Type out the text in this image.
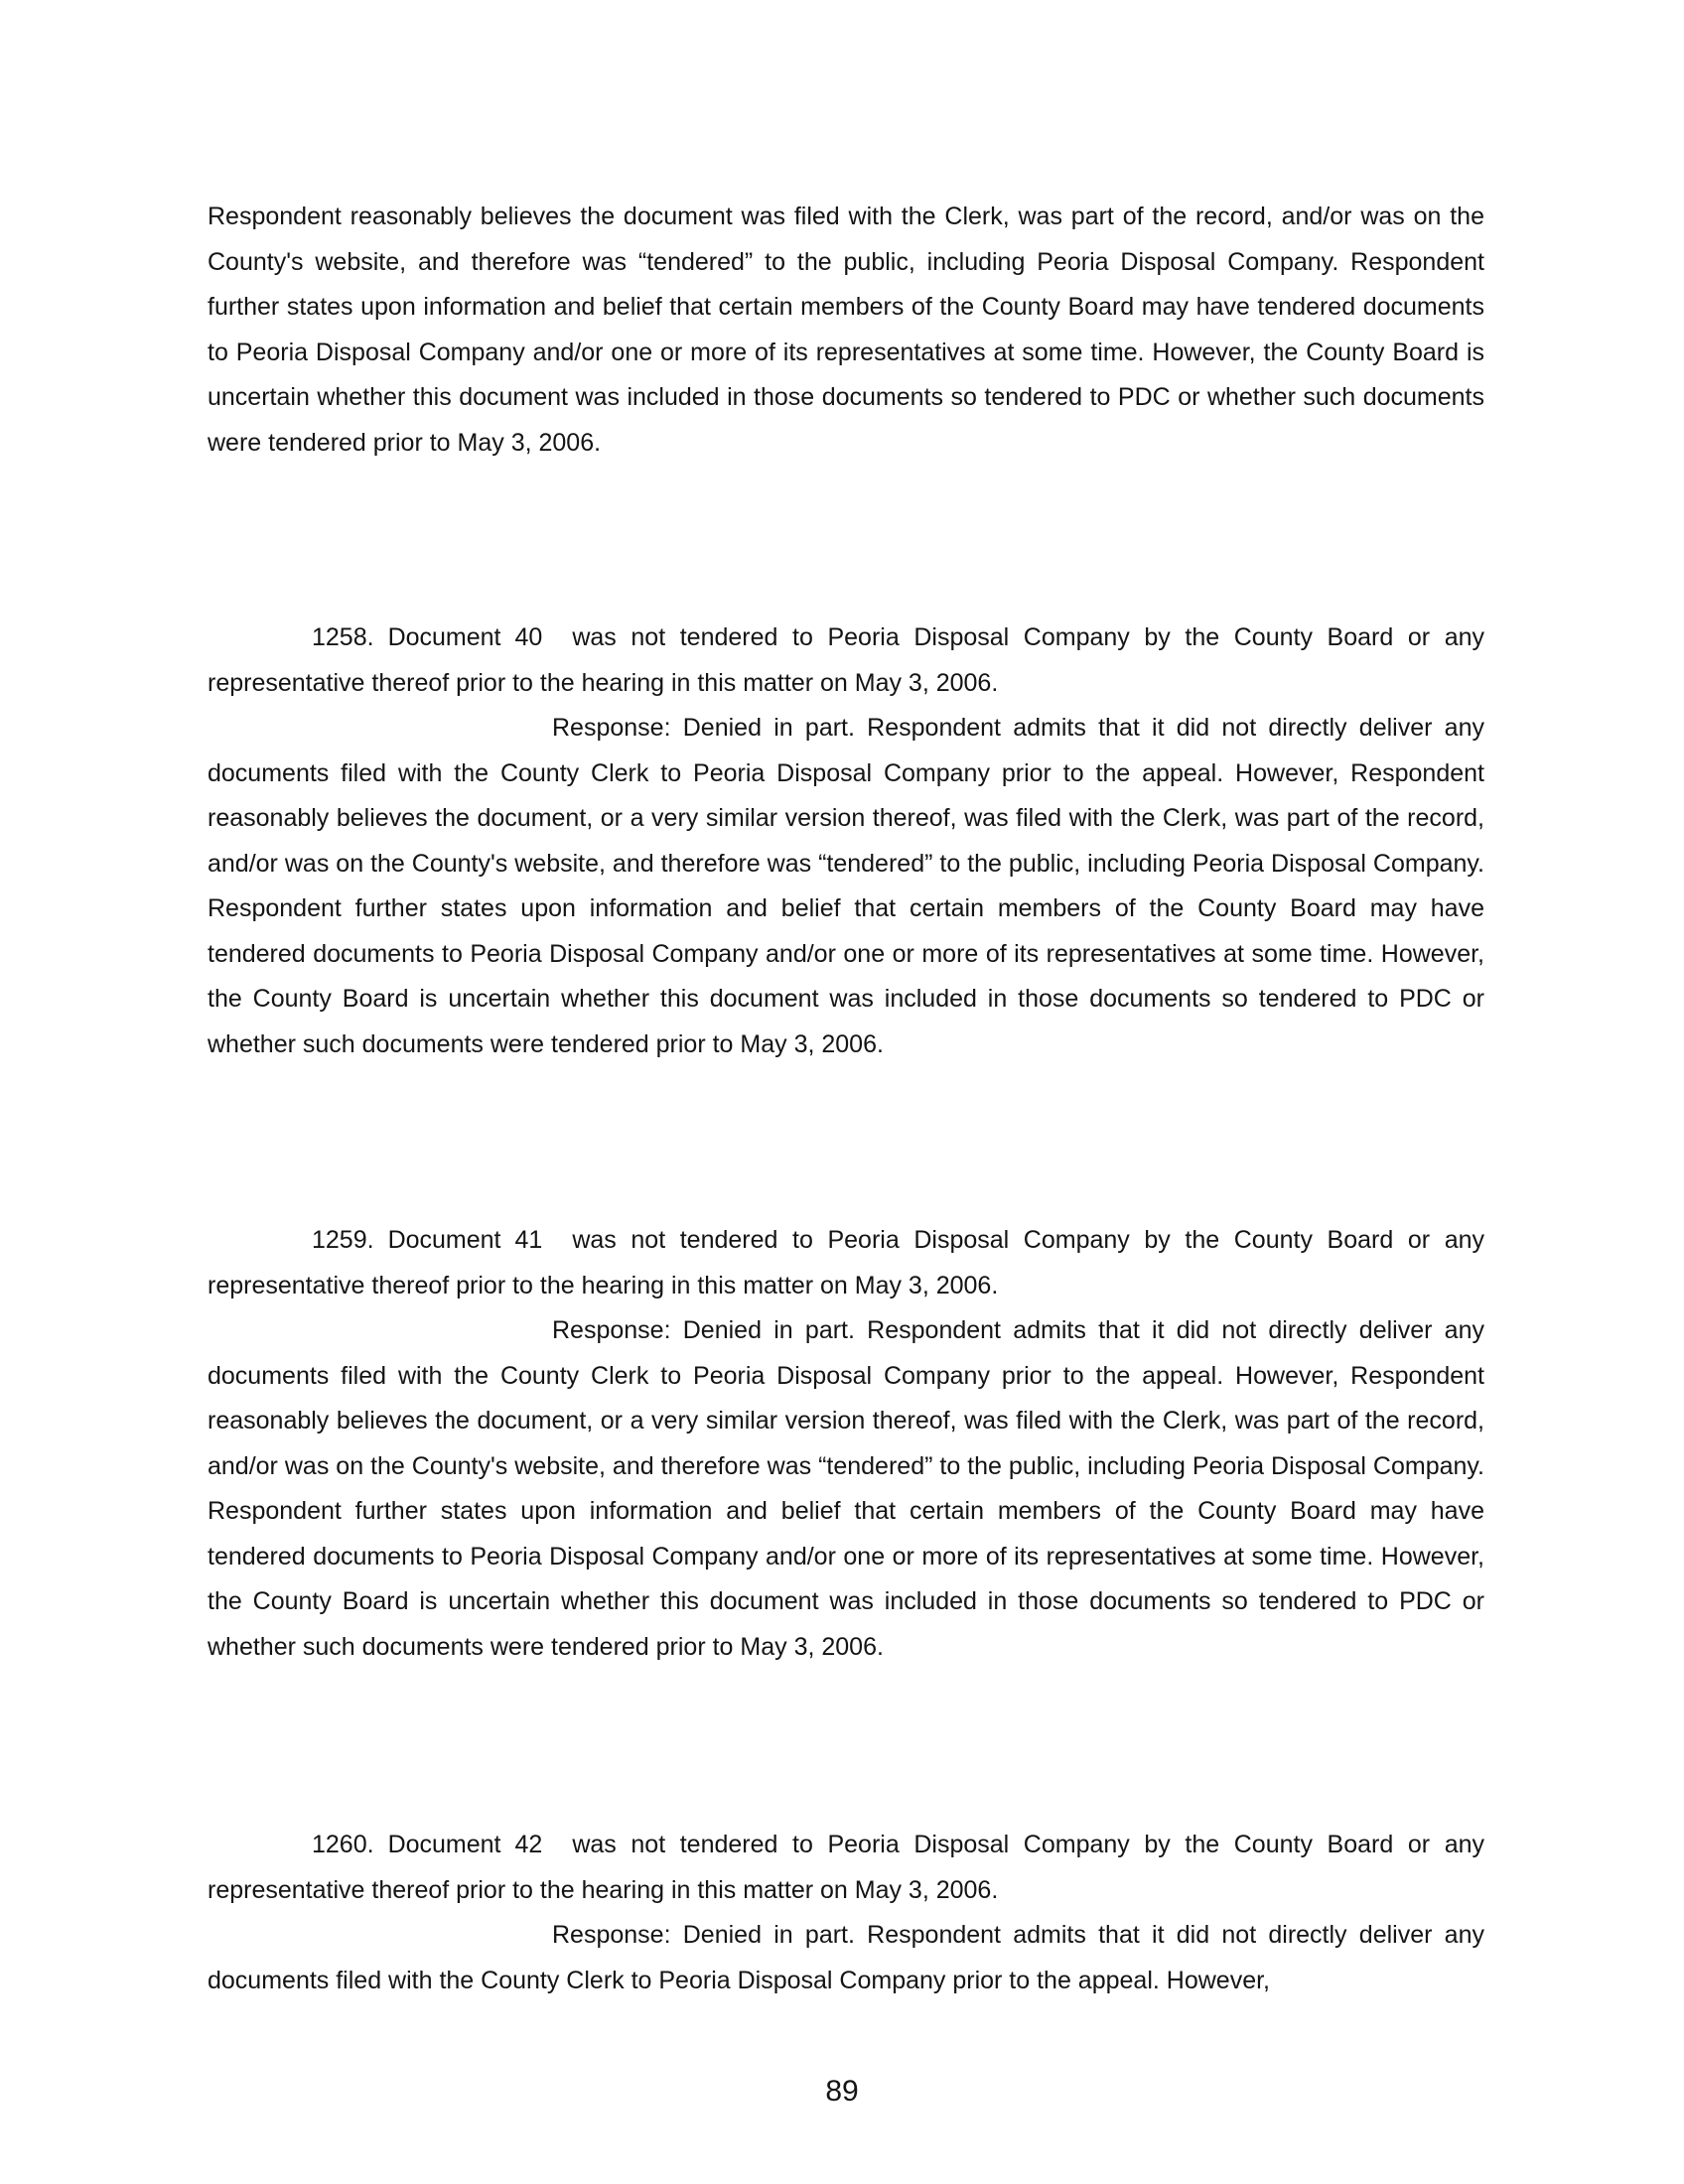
Respondent reasonably believes the document was filed with the Clerk, was part of the record, and/or was on the County's website, and therefore was “tendered” to the public, including Peoria Disposal Company. Respondent further states upon information and belief that certain members of the County Board may have tendered documents to Peoria Disposal Company and/or one or more of its representatives at some time. However, the County Board is uncertain whether this document was included in those documents so tendered to PDC or whether such documents were tendered prior to May 3, 2006.

1258. Document 40 was not tendered to Peoria Disposal Company by the County Board or any representative thereof prior to the hearing in this matter on May 3, 2006.
Response: Denied in part. Respondent admits that it did not directly deliver any documents filed with the County Clerk to Peoria Disposal Company prior to the appeal. However, Respondent reasonably believes the document, or a very similar version thereof, was filed with the Clerk, was part of the record, and/or was on the County's website, and therefore was “tendered” to the public, including Peoria Disposal Company. Respondent further states upon information and belief that certain members of the County Board may have tendered documents to Peoria Disposal Company and/or one or more of its representatives at some time. However, the County Board is uncertain whether this document was included in those documents so tendered to PDC or whether such documents were tendered prior to May 3, 2006.
1259. Document 41 was not tendered to Peoria Disposal Company by the County Board or any representative thereof prior to the hearing in this matter on May 3, 2006.
Response: Denied in part. Respondent admits that it did not directly deliver any documents filed with the County Clerk to Peoria Disposal Company prior to the appeal. However, Respondent reasonably believes the document, or a very similar version thereof, was filed with the Clerk, was part of the record, and/or was on the County's website, and therefore was “tendered” to the public, including Peoria Disposal Company. Respondent further states upon information and belief that certain members of the County Board may have tendered documents to Peoria Disposal Company and/or one or more of its representatives at some time. However, the County Board is uncertain whether this document was included in those documents so tendered to PDC or whether such documents were tendered prior to May 3, 2006.
1260. Document 42 was not tendered to Peoria Disposal Company by the County Board or any representative thereof prior to the hearing in this matter on May 3, 2006.
Response: Denied in part. Respondent admits that it did not directly deliver any documents filed with the County Clerk to Peoria Disposal Company prior to the appeal. However,
89
